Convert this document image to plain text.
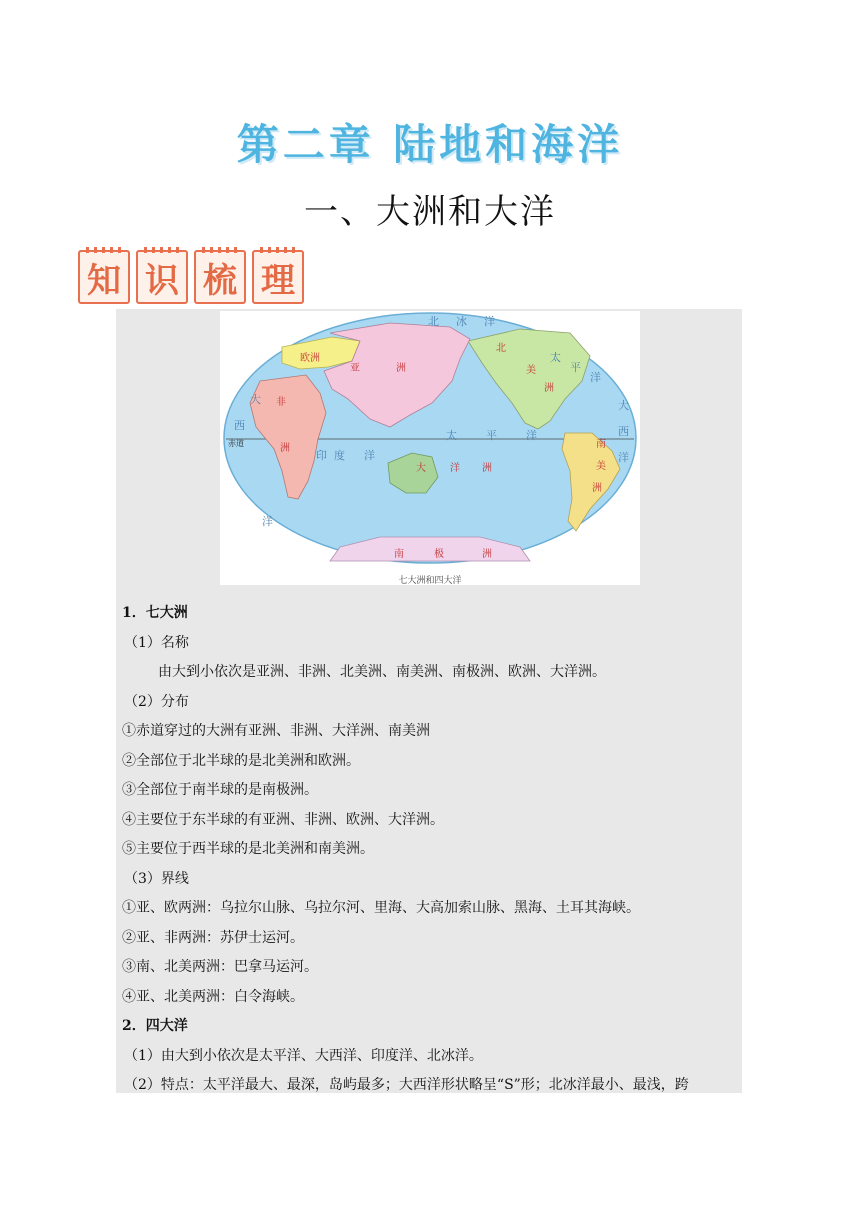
第二章 陆地和海洋
一、大洲和大洋
知 识 梳 理
北
美
洲
欧洲
亚	洲
非
洲	南
美
洲
大 洋 洲
南	极	洲
北 冰 洋
大
西
洋
大
西
洋
太	平	洋
太
平
洋
印 度 洋
赤道
七大洲和四大洋
1．七大洲
（1）名称
由大到小依次是亚洲、非洲、北美洲、南美洲、南极洲、欧洲、大洋洲。
（2）分布
①赤道穿过的大洲有亚洲、非洲、大洋洲、南美洲
②全部位于北半球的是北美洲和欧洲。
③全部位于南半球的是南极洲。
④主要位于东半球的有亚洲、非洲、欧洲、大洋洲。
⑤主要位于西半球的是北美洲和南美洲。
（3）界线
①亚、欧两洲：乌拉尔山脉、乌拉尔河、里海、大高加索山脉、黑海、土耳其海峡。
②亚、非两洲：苏伊士运河。
③南、北美两洲：巴拿马运河。
④亚、北美两洲：白令海峡。
2．四大洋
（1）由大到小依次是太平洋、大西洋、印度洋、北冰洋。
（2）特点：太平洋最大、最深，岛屿最多；大西洋形状略呈“S”形；北冰洋最小、最浅，跨
